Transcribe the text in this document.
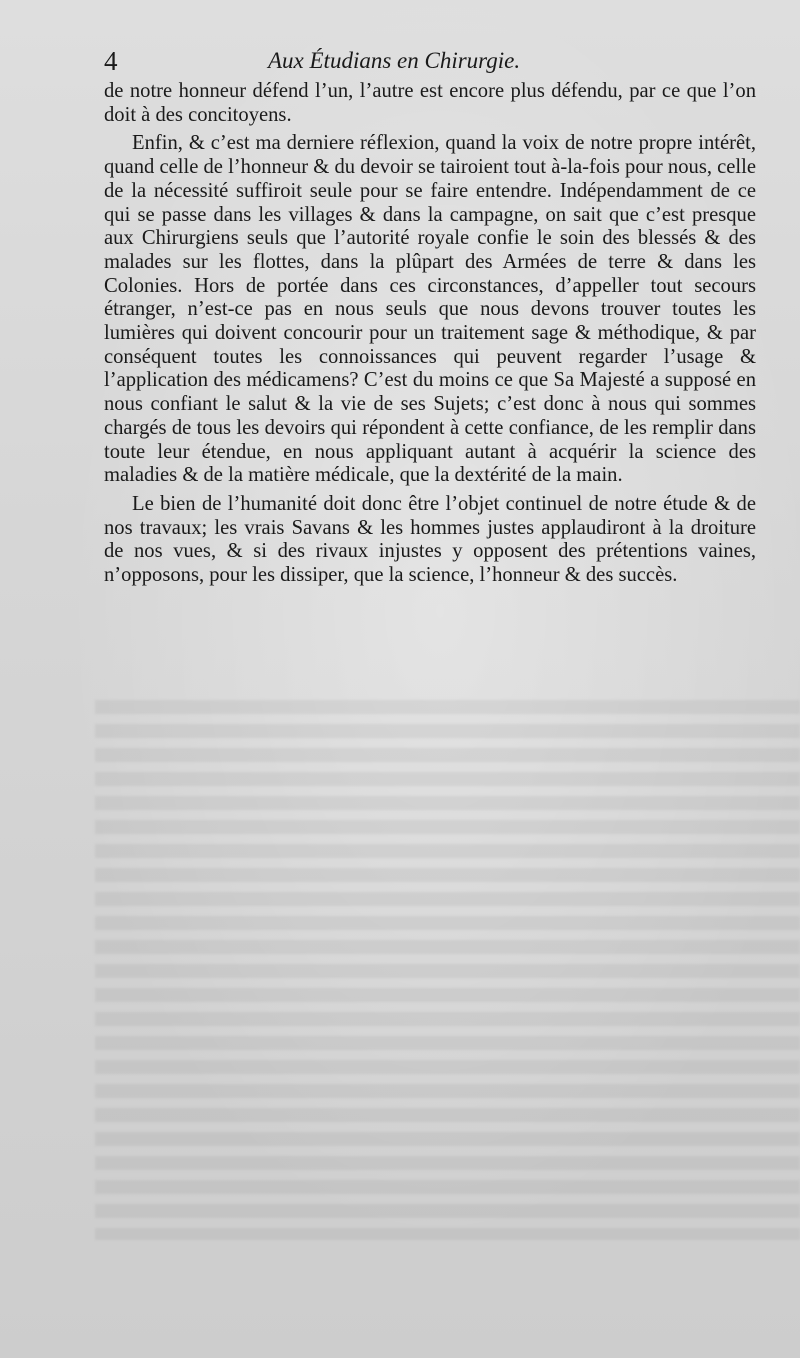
4	Aux Étudians en Chirurgie.

de notre honneur défend l’un, l’autre est encore plus défendu, par ce que l’on doit à des concitoyens.

Enfin, & c’est ma derniere réflexion, quand la voix de notre propre intérêt, quand celle de l’honneur & du devoir se tairoient tout à-la-fois pour nous, celle de la nécessité suffiroit seule pour se faire entendre. Indépendamment de ce qui se passe dans les villages & dans la campagne, on sait que c’est presque aux Chirurgiens seuls que l’autorité royale confie le soin des blessés & des malades sur les flottes, dans la plûpart des Armées de terre & dans les Colonies. Hors de portée dans ces circonstances, d’appeller tout secours étranger, n’est-ce pas en nous seuls que nous devons trouver toutes les lumières qui doivent concourir pour un traitement sage & méthodique, & par conséquent toutes les connoissances qui peuvent regarder l’usage & l’application des médicamens? C’est du moins ce que Sa Majesté a supposé en nous confiant le salut & la vie de ses Sujets; c’est donc à nous qui sommes chargés de tous les devoirs qui répondent à cette confiance, de les remplir dans toute leur étendue, en nous appliquant autant à acquérir la science des maladies & de la matière médicale, que la dextérité de la main.

Le bien de l’humanité doit donc être l’objet continuel de notre étude & de nos travaux; les vrais Savans & les hommes justes applaudiront à la droiture de nos vues, & si des rivaux injustes y opposent des prétentions vaines, n’opposons, pour les dissiper, que la science, l’honneur & des succès.
